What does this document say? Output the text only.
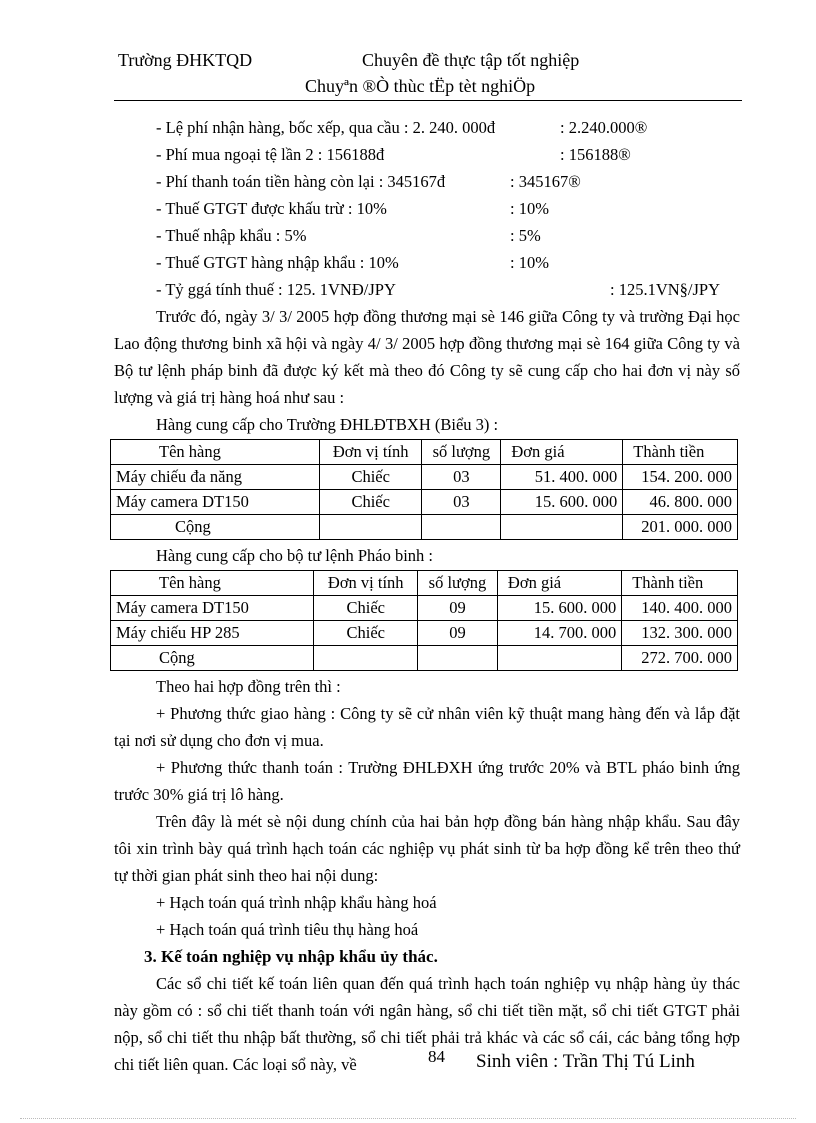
Trường ĐHKTQD	Chuyên đề thực tập tốt nghiệp
Chuyªn ®Ò thùc tËp tèt nghiÖp
- Lệ phí nhận hàng, bốc xếp, qua cầu : 2. 240. 000đ	: 2.240.000®
- Phí mua ngoại tệ lần 2 : 156188đ	: 156188®
- Phí thanh toán tiền hàng còn lại : 345167đ	: 345167®
- Thuế GTGT được khấu trừ : 10%	: 10%
- Thuế nhập khẩu : 5%	: 5%
- Thuế GTGT hàng nhập khẩu : 10%	: 10%
- Tỷ ggá tính thuế : 125. 1VNĐ/JPY	: 125.1VN§/JPY

Trước đó, ngày 3/ 3/ 2005 hợp đồng thương mại sè 146 giữa Công ty và trường Đại học Lao động thương binh xã hội và ngày 4/ 3/ 2005 hợp đồng thương mại sè 164 giữa Công ty và Bộ tư lệnh pháp binh đã được ký kết mà theo đó Công ty sẽ cung cấp cho hai đơn vị này số lượng và giá trị hàng hoá như sau :

Hàng cung cấp cho Trường ĐHLĐTBXH (Biểu 3) :

Tên hàng	Đơn vị tính	số lượng	Đơn giá	Thành tiền
Máy chiếu đa năng	Chiếc	03	51. 400. 000	154. 200. 000
Máy camera DT150	Chiếc	03	15. 600. 000	46. 800. 000
Cộng				201. 000. 000

Hàng cung cấp cho bộ tư lệnh Pháo binh :

Tên hàng	Đơn vị tính	số lượng	Đơn giá	Thành tiền
Máy camera DT150	Chiếc	09	15. 600. 000	140. 400. 000
Máy chiếu HP 285	Chiếc	09	14. 700. 000	132. 300. 000
Cộng				272. 700. 000

Theo hai hợp đồng trên thì :

+ Phương thức giao hàng : Công ty sẽ cử nhân viên kỹ thuật mang hàng đến và lắp đặt tại nơi sử dụng cho đơn vị mua.

+ Phương thức thanh toán : Trường ĐHLĐXH ứng trước 20% và BTL pháo binh ứng trước 30% giá trị lô hàng.

Trên đây là mét sè nội dung chính của hai bản hợp đồng bán hàng nhập khẩu. Sau đây tôi xin trình bày quá trình hạch toán các nghiệp vụ phát sinh từ ba hợp đồng kể trên theo thứ tự thời gian phát sinh theo hai nội dung:

+ Hạch toán quá trình nhập khẩu hàng hoá

+ Hạch toán quá trình tiêu thụ hàng hoá

3. Kế toán nghiệp vụ nhập khẩu ủy thác.

Các sổ chi tiết kế toán liên quan đến quá trình hạch toán nghiệp vụ nhập hàng ủy thác này gồm có : sổ chi tiết thanh toán với ngân hàng, sổ chi tiết tiền mặt, sổ chi tiết GTGT phải nộp, sổ chi tiết thu nhập bất thường, sổ chi tiết phải trả khác và các sổ cái, các bảng tổng hợp chi tiết liên quan. Các loại sổ này, về	84 Sinh viên : Trần Thị Tú Linh
